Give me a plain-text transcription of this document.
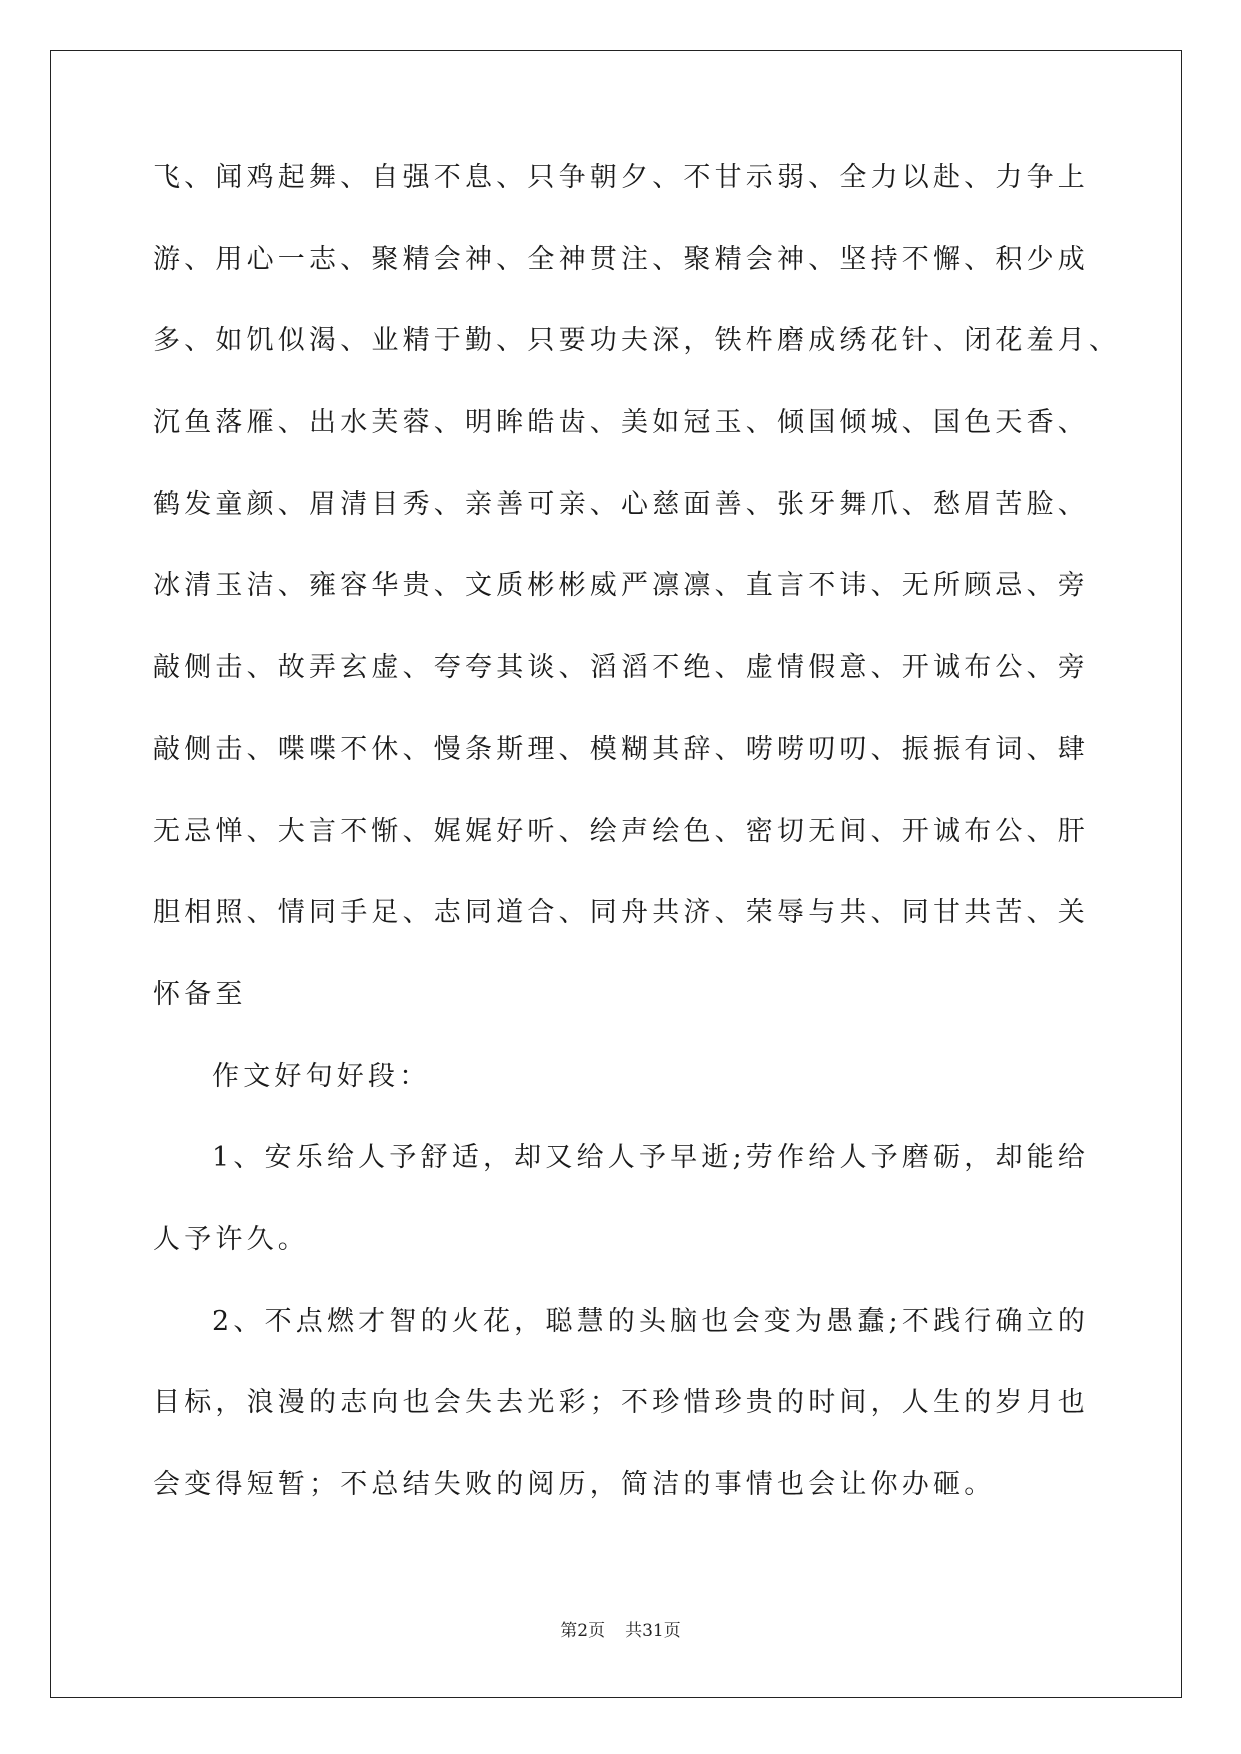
飞、闻鸡起舞、自强不息、只争朝夕、不甘示弱、全力以赴、力争上
游、用心一志、聚精会神、全神贯注、聚精会神、坚持不懈、积少成
多、如饥似渴、业精于勤、只要功夫深，铁杵磨成绣花针、闭花羞月、
沉鱼落雁、出水芙蓉、明眸皓齿、美如冠玉、倾国倾城、国色天香、
鹤发童颜、眉清目秀、亲善可亲、心慈面善、张牙舞爪、愁眉苦脸、
冰清玉洁、雍容华贵、文质彬彬威严凛凛、直言不讳、无所顾忌、旁
敲侧击、故弄玄虚、夸夸其谈、滔滔不绝、虚情假意、开诚布公、旁
敲侧击、喋喋不休、慢条斯理、模糊其辞、唠唠叨叨、振振有词、肆
无忌惮、大言不惭、娓娓好听、绘声绘色、密切无间、开诚布公、肝
胆相照、情同手足、志同道合、同舟共济、荣辱与共、同甘共苦、关
怀备至
作文好句好段：
1、安乐给人予舒适，却又给人予早逝;劳作给人予磨砺，却能给
人予许久。
2、不点燃才智的火花，聪慧的头脑也会变为愚蠢;不践行确立的
目标，浪漫的志向也会失去光彩；不珍惜珍贵的时间，人生的岁月也
会变得短暂；不总结失败的阅历，简洁的事情也会让你办砸。
第2页 共31页
